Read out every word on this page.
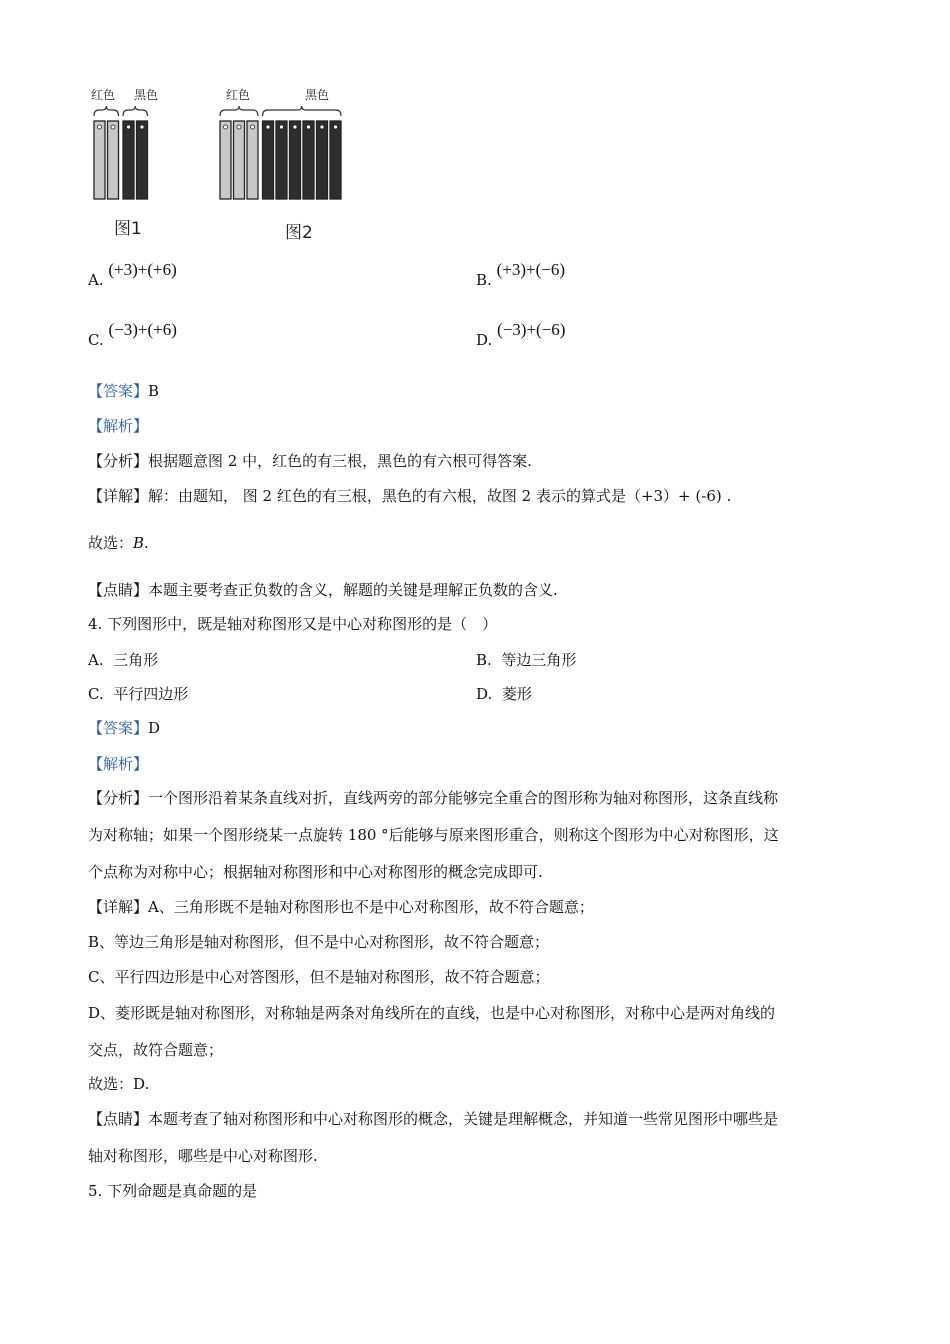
红色 黑色
图1
红色	黑色
图2
A. (+3)+(+6)
B. (+3)+(−6)
C. (−3)+(+6)
D. (−3)+(−6)
【答案】B
【解析】
【分析】根据题意图 2 中，红色的有三根，黑色的有六根可得答案.
【详解】解：由题知， 图 2 红色的有三根，黑色的有六根，故图 2 表示的算式是（+3）+ (-6) .
故选：B.
【点睛】本题主要考查正负数的含义，解题的关键是理解正负数的含义.
4. 下列图形中，既是轴对称图形又是中心对称图形的是（　）
A. 三角形	B. 等边三角形
C. 平行四边形	D. 菱形
【答案】D
【解析】
【分析】一个图形沿着某条直线对折，直线两旁的部分能够完全重合的图形称为轴对称图形，这条直线称
为对称轴；如果一个图形绕某一点旋转 180 °后能够与原来图形重合，则称这个图形为中心对称图形，这
个点称为对称中心；根据轴对称图形和中心对称图形的概念完成即可.
【详解】A、三角形既不是轴对称图形也不是中心对称图形，故不符合题意；
B、等边三角形是轴对称图形，但不是中心对称图形，故不符合题意；
C、平行四边形是中心对答图形，但不是轴对称图形，故不符合题意；
D、菱形既是轴对称图形，对称轴是两条对角线所在的直线，也是中心对称图形，对称中心是两对角线的
交点，故符合题意；
故选：D.
【点睛】本题考查了轴对称图形和中心对称图形的概念，关键是理解概念，并知道一些常见图形中哪些是
轴对称图形，哪些是中心对称图形.
5. 下列命题是真命题的是
